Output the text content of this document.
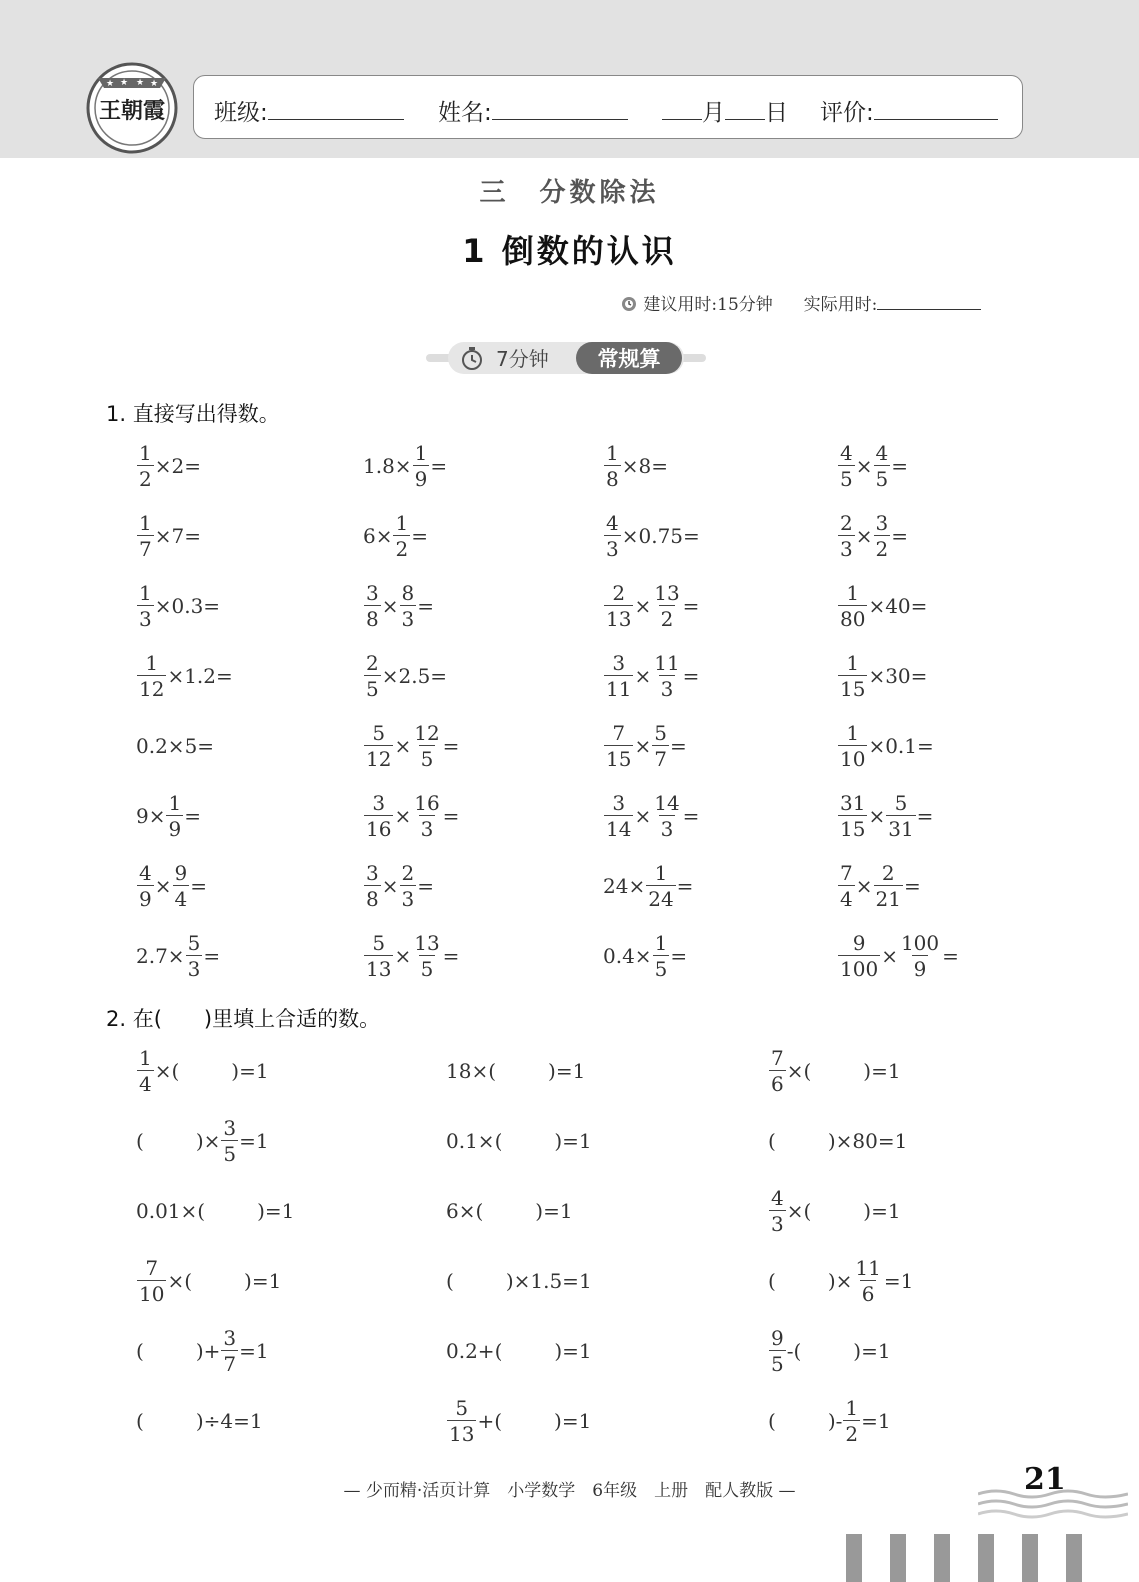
★ ★ ★ ★
王朝霞 班级:	姓名:	月 日 评价:
三　分数除法
1 倒数的认识
建议用时:15分钟 实际用时:
7分钟 常规算
1. 直接写出得数。
$\frac{1}{2} \times 2=$	$1.8\times \frac{1}{9}$ =	$\frac{1}{8} \times 8=$	$\frac{4}{5} \times \frac{4}{5}$ =
$\frac{1}{7} \times 7=$	$6\times \frac{1}{2}$ =	$\frac{4}{3} \times 0.75=$	$\frac{2}{3} \times \frac{3}{2}$ =
$\frac{1}{3} \times 0.3=$	$\frac{3}{8} \times \frac{8}{3}$ =	$\frac{2}{13} \times \frac{13}{2}$ =	$\frac{1}{80} \times 40=$
$\frac{1}{12} \times 1.2=$	$\frac{2}{5} \times 2.5=$	$\frac{3}{11} \times \frac{11}{3}$ =	$\frac{1}{15} \times 30=$
0.2×5=	$\frac{5}{12} \times \frac{12}{5}$ =	$\frac{7}{15} \times \frac{5}{7}$ =	$\frac{1}{10} \times 0.1=$
$9\times \frac{1}{9}$ =	$\frac{3}{16} \times \frac{16}{3}$ =	$\frac{3}{14} \times \frac{14}{3}$ =	$\frac{31}{15} \times \frac{5}{31}$ =
$\frac{4}{9} \times \frac{9}{4}$ =	$\frac{3}{8} \times \frac{2}{3}$ =	$24\times \frac{1}{24}$ =	$\frac{7}{4} \times \frac{2}{21}$ =
$2.7\times \frac{5}{3}$ =	$\frac{5}{13} \times \frac{13}{5}$ =	$0.4\times \frac{1}{5}$ =	$\frac{9}{100} \times \frac{100}{9}$ =
2. 在(　　)里填上合适的数。
$\frac{1}{4}$ ×(	)=1	18×(	)=1	$\frac{7}{6}$ ×(	)=1
(	)× $\frac{3}{5} =1$	0.1×(	)=1	(	)×80=1
0.01×(	)=1	6×(	)=1	$\frac{4}{3}$ ×(	)=1
$\frac{7}{10}$ ×(	)=1	(	)×1.5=1	(	)× $\frac{11}{6} =1$
(	)+ $\frac{3}{7} =1$	0.2+(	)=1	$\frac{9}{5}$ -(	)=1
(	)÷4=1	$\frac{5}{13}$ +(	)=1	(	)- $\frac{1}{2} =1$
— 少而精·活页计算　小学数学　6年级　上册　配人教版 —	21
